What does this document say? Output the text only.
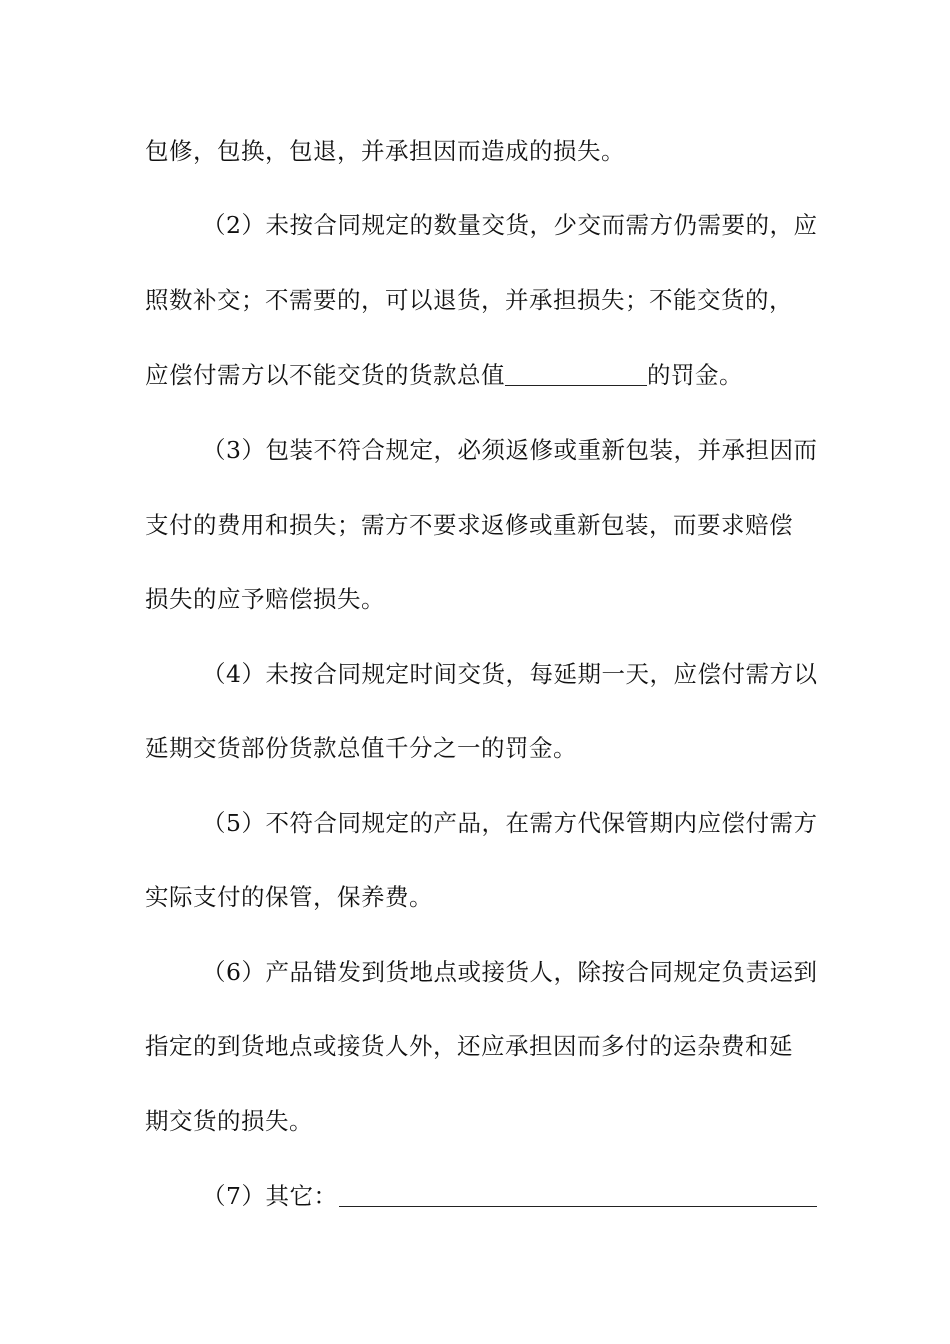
包修，包换，包退，并承担因而造成的损失。
（2）未按合同规定的数量交货，少交而需方仍需要的，应
照数补交；不需要的，可以退货，并承担损失；不能交货的，
应偿付需方以不能交货的货款总值	的罚金。
（3）包装不符合规定，必须返修或重新包装，并承担因而
支付的费用和损失；需方不要求返修或重新包装，而要求赔偿
损失的应予赔偿损失。
（4）未按合同规定时间交货，每延期一天，应偿付需方以
延期交货部份货款总值千分之一的罚金。
（5）不符合同规定的产品，在需方代保管期内应偿付需方
实际支付的保管，保养费。
（6）产品错发到货地点或接货人，除按合同规定负责运到
指定的到货地点或接货人外，还应承担因而多付的运杂费和延
期交货的损失。
（7）其它：
